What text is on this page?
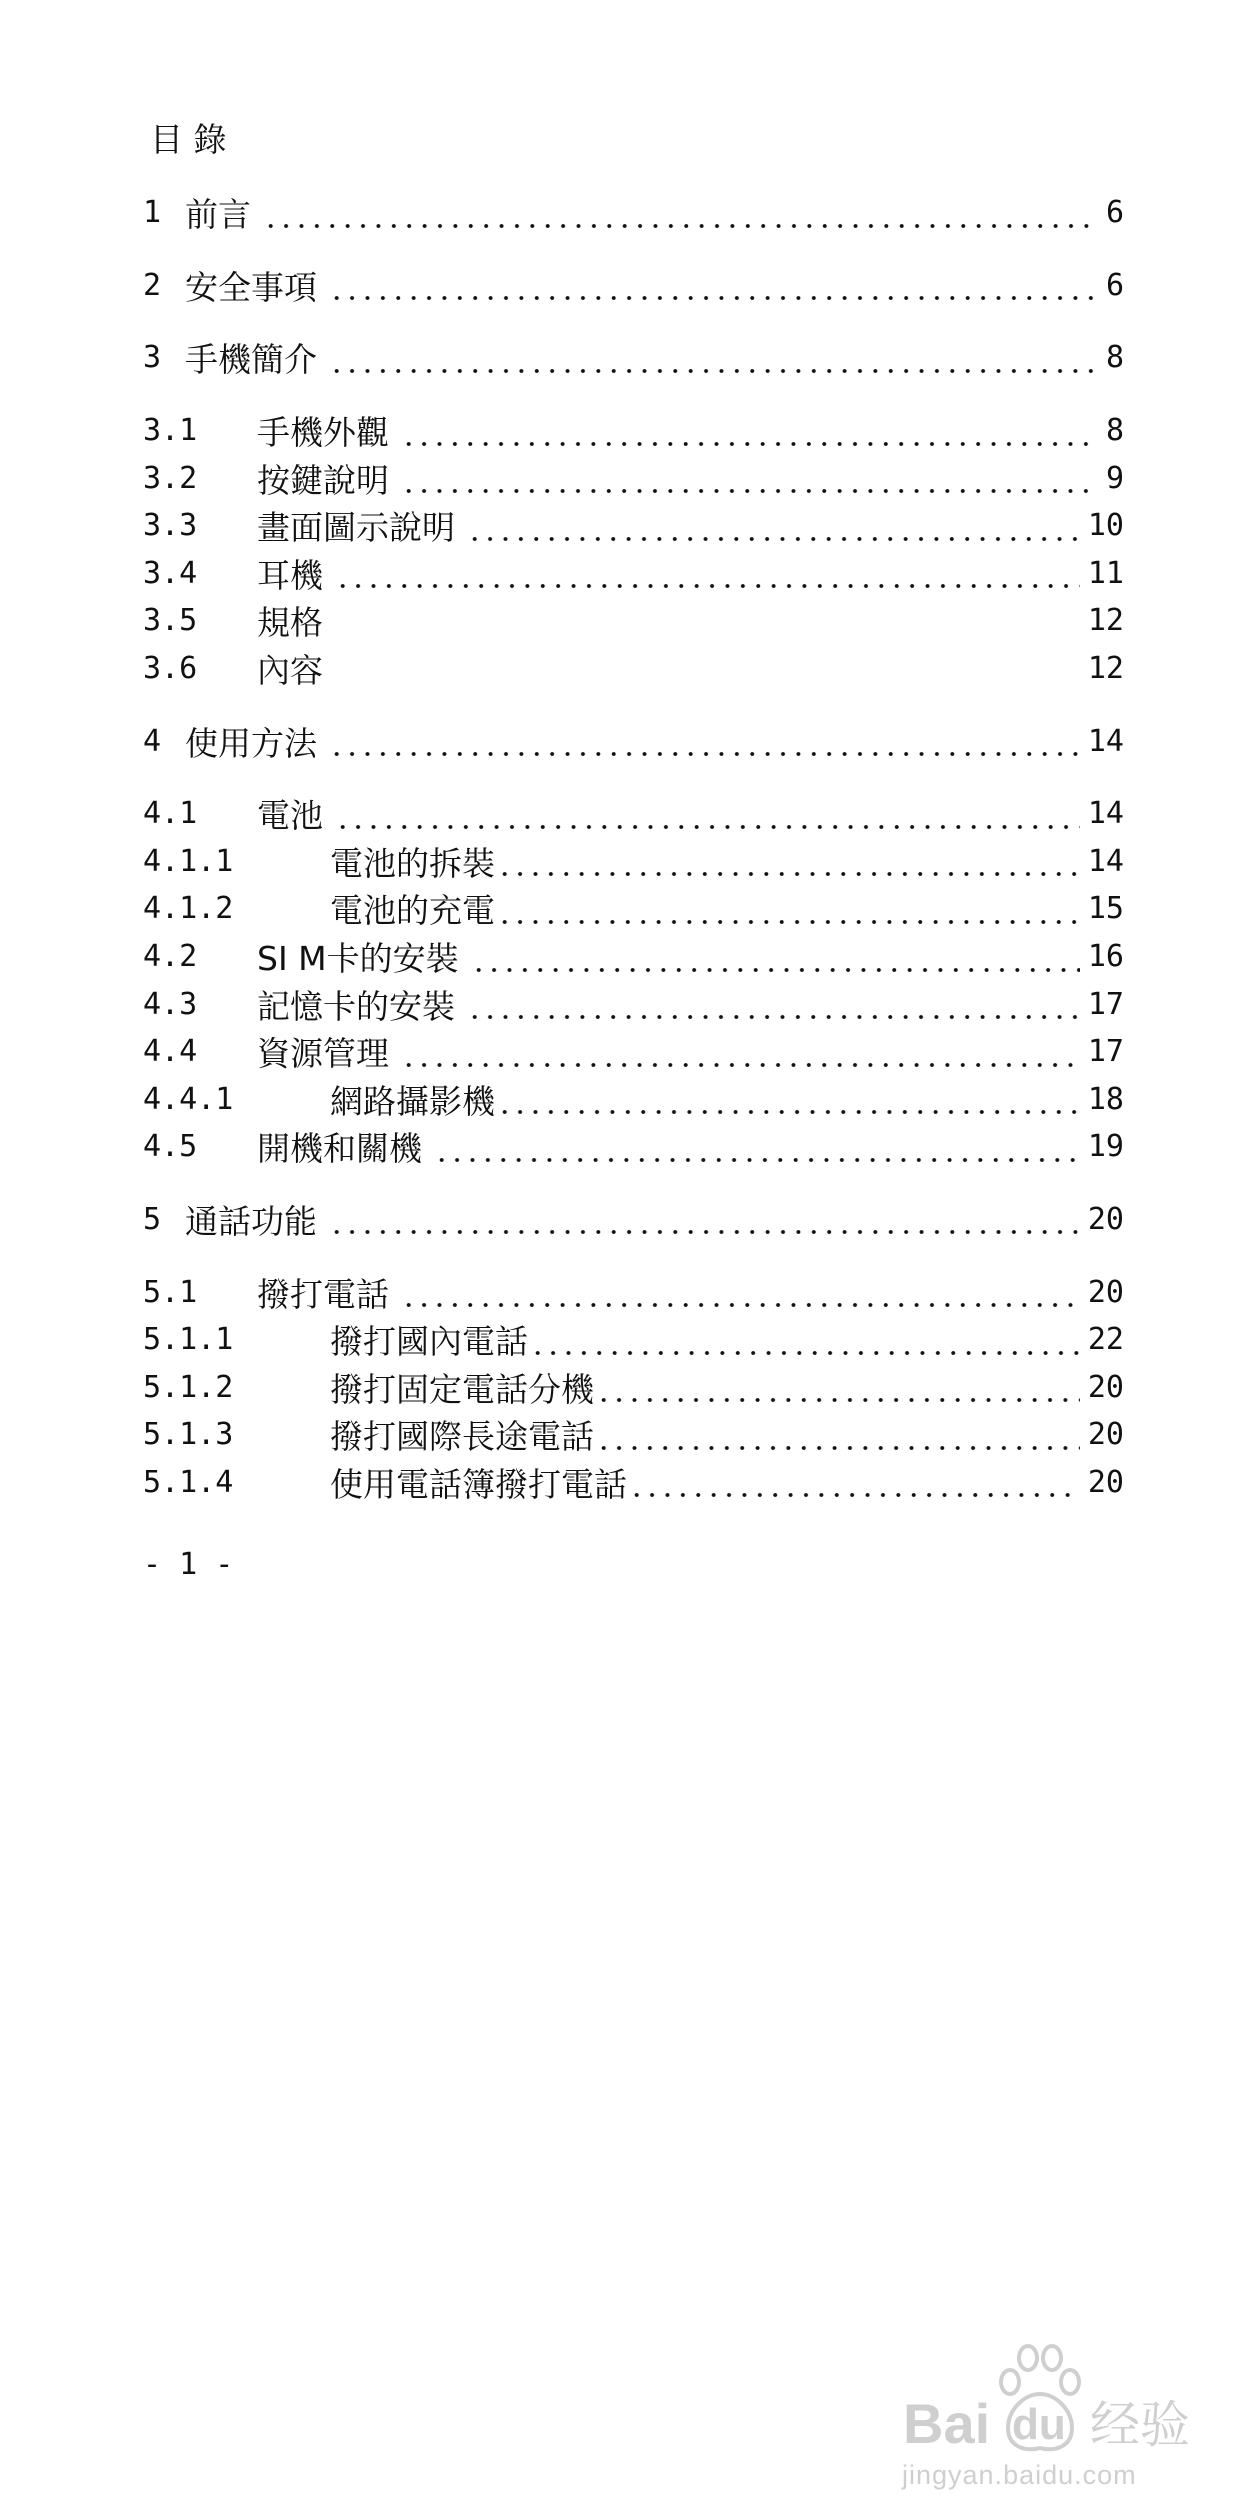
目 錄
1 前言	6
2 安全事項	6
3 手機簡介	8
3.1	手機外觀	8
3.2	按鍵說明	9
3.3	畫面圖示說明	10
3.4	耳機	11
3.5	規格	12
3.6	內容	12
4 使用方法	14
4.1	電池	14
4.1.1	電池的拆裝	14
4.1.2	電池的充電	15
4.2	SI M卡的安裝	16
4.3	記憶卡的安裝	17
4.4	資源管理	17
4.4.1	網路攝影機	18
4.5	開機和關機	19
5 通話功能	20
5.1	撥打電話	20
5.1.1	撥打國內電話	22
5.1.2	撥打固定電話分機	20
5.1.3	撥打國際長途電話	20
5.1.4	使用電話簿撥打電話	20
- 1 -
Bai du 经验
jingyan.baidu.com
